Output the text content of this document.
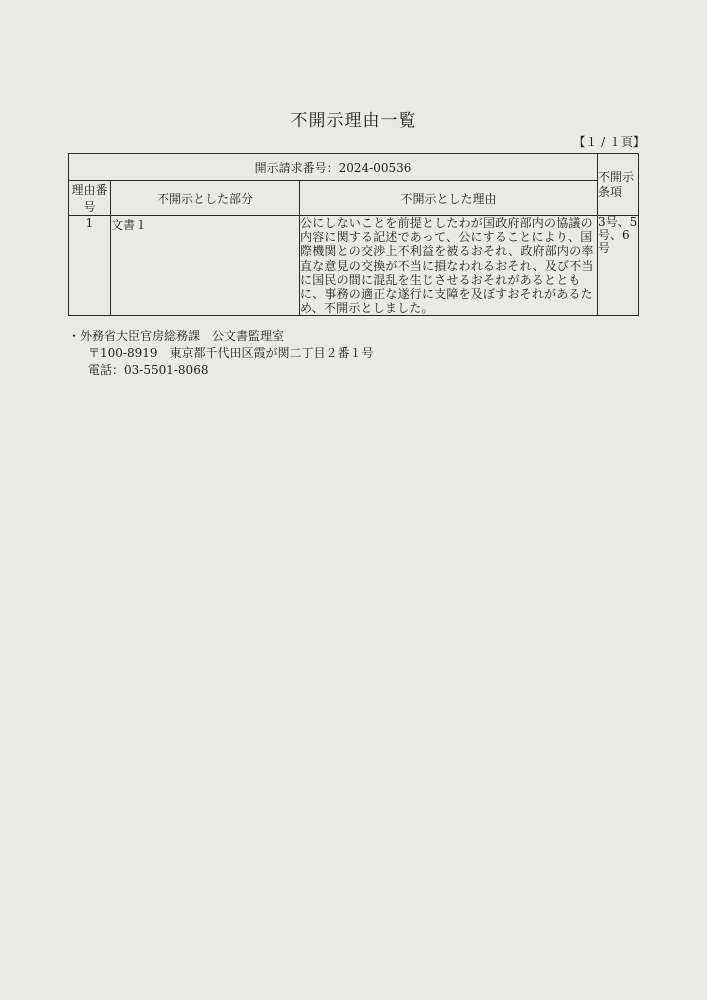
不開示理由一覧
【１ / １頁】
開示請求番号：2024-00536			不開示条項
理由番号	不開示とした部分	不開示とした理由	
1	文書１	公にしないことを前提としたわが国政府部内の協議の内容に関する記述であって、公にすることにより、国際機関との交渉上不利益を被るおそれ、政府部内の率直な意見の交換が不当に損なわれるおそれ、及び不当に国民の間に混乱を生じさせるおそれがあるとともに、事務の適正な遂行に支障を及ぼすおそれがあるため、不開示としました。	3号、5号、6号
・外務省大臣官房総務課　公文書監理室
〒100-8919　東京都千代田区霞が関二丁目２番１号
電話：03-5501-8068
